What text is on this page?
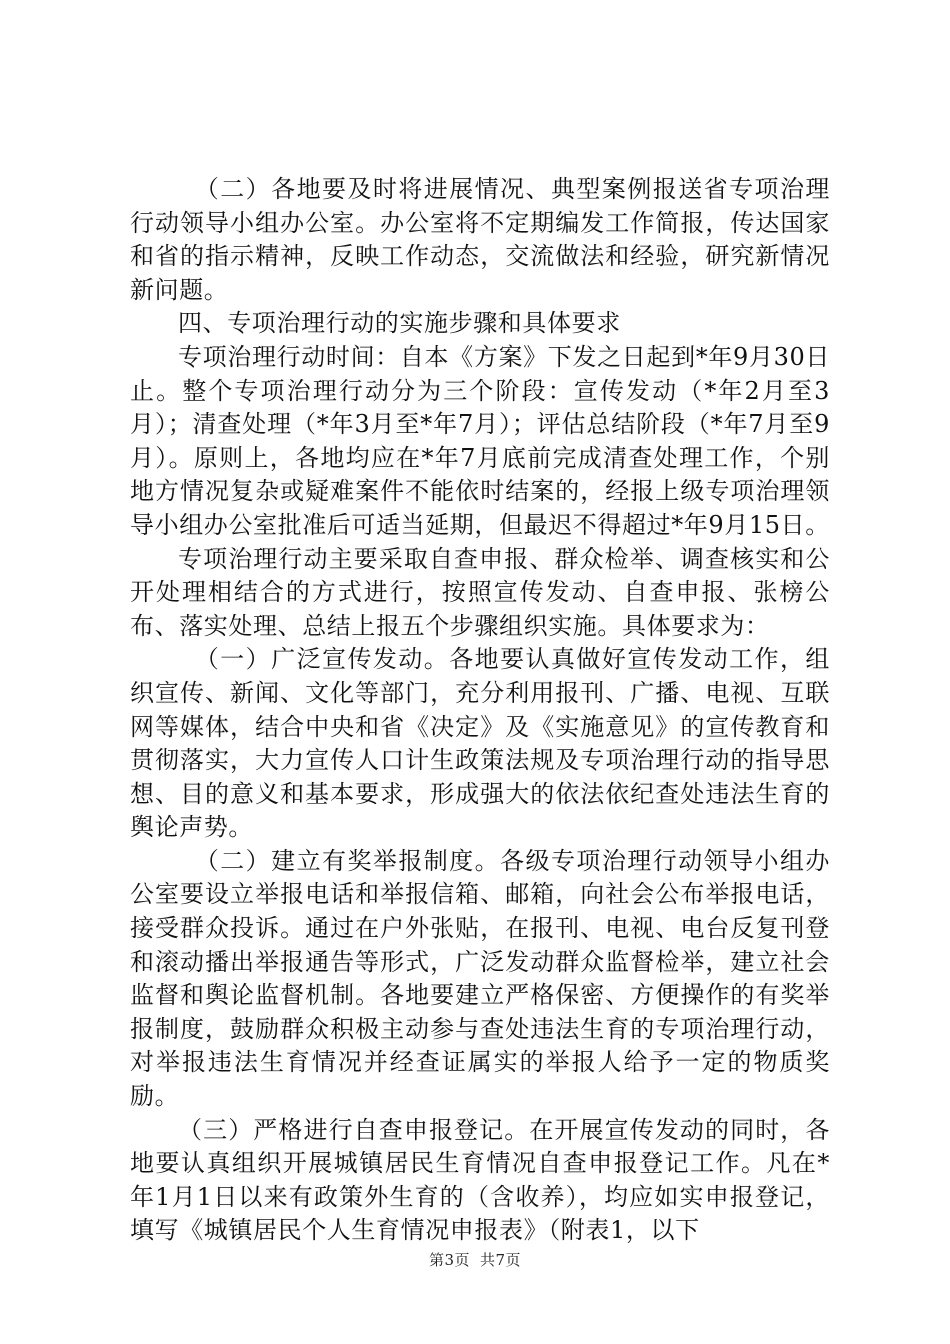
（二）各地要及时将进展情况、典型案例报送省专项治理行动领导小组办公室。办公室将不定期编发工作简报，传达国家和省的指示精神，反映工作动态，交流做法和经验，研究新情况新问题。

四、专项治理行动的实施步骤和具体要求

专项治理行动时间：自本《方案》下发之日起到*年9月30日止。整个专项治理行动分为三个阶段：宣传发动（*年2月至3月）；清查处理（*年3月至*年7月）；评估总结阶段（*年7月至9月）。原则上，各地均应在*年7月底前完成清查处理工作，个别地方情况复杂或疑难案件不能依时结案的，经报上级专项治理领导小组办公室批准后可适当延期，但最迟不得超过*年9月15日。

专项治理行动主要采取自查申报、群众检举、调查核实和公开处理相结合的方式进行，按照宣传发动、自查申报、张榜公布、落实处理、总结上报五个步骤组织实施。具体要求为：

（一）广泛宣传发动。各地要认真做好宣传发动工作，组织宣传、新闻、文化等部门，充分利用报刊、广播、电视、互联网等媒体，结合中央和省《决定》及《实施意见》的宣传教育和贯彻落实，大力宣传人口计生政策法规及专项治理行动的指导思想、目的意义和基本要求，形成强大的依法依纪查处违法生育的舆论声势。

（二）建立有奖举报制度。各级专项治理行动领导小组办公室要设立举报电话和举报信箱、邮箱，向社会公布举报电话，接受群众投诉。通过在户外张贴，在报刊、电视、电台反复刊登和滚动播出举报通告等形式，广泛发动群众监督检举，建立社会监督和舆论监督机制。各地要建立严格保密、方便操作的有奖举报制度，鼓励群众积极主动参与查处违法生育的专项治理行动，对举报违法生育情况并经查证属实的举报人给予一定的物质奖励。

（三）严格进行自查申报登记。在开展宣传发动的同时，各地要认真组织开展城镇居民生育情况自查申报登记工作。凡在*年1月1日以来有政策外生育的（含收养），均应如实申报登记，填写《城镇居民个人生育情况申报表》（附表1，以下

第3页 共7页
